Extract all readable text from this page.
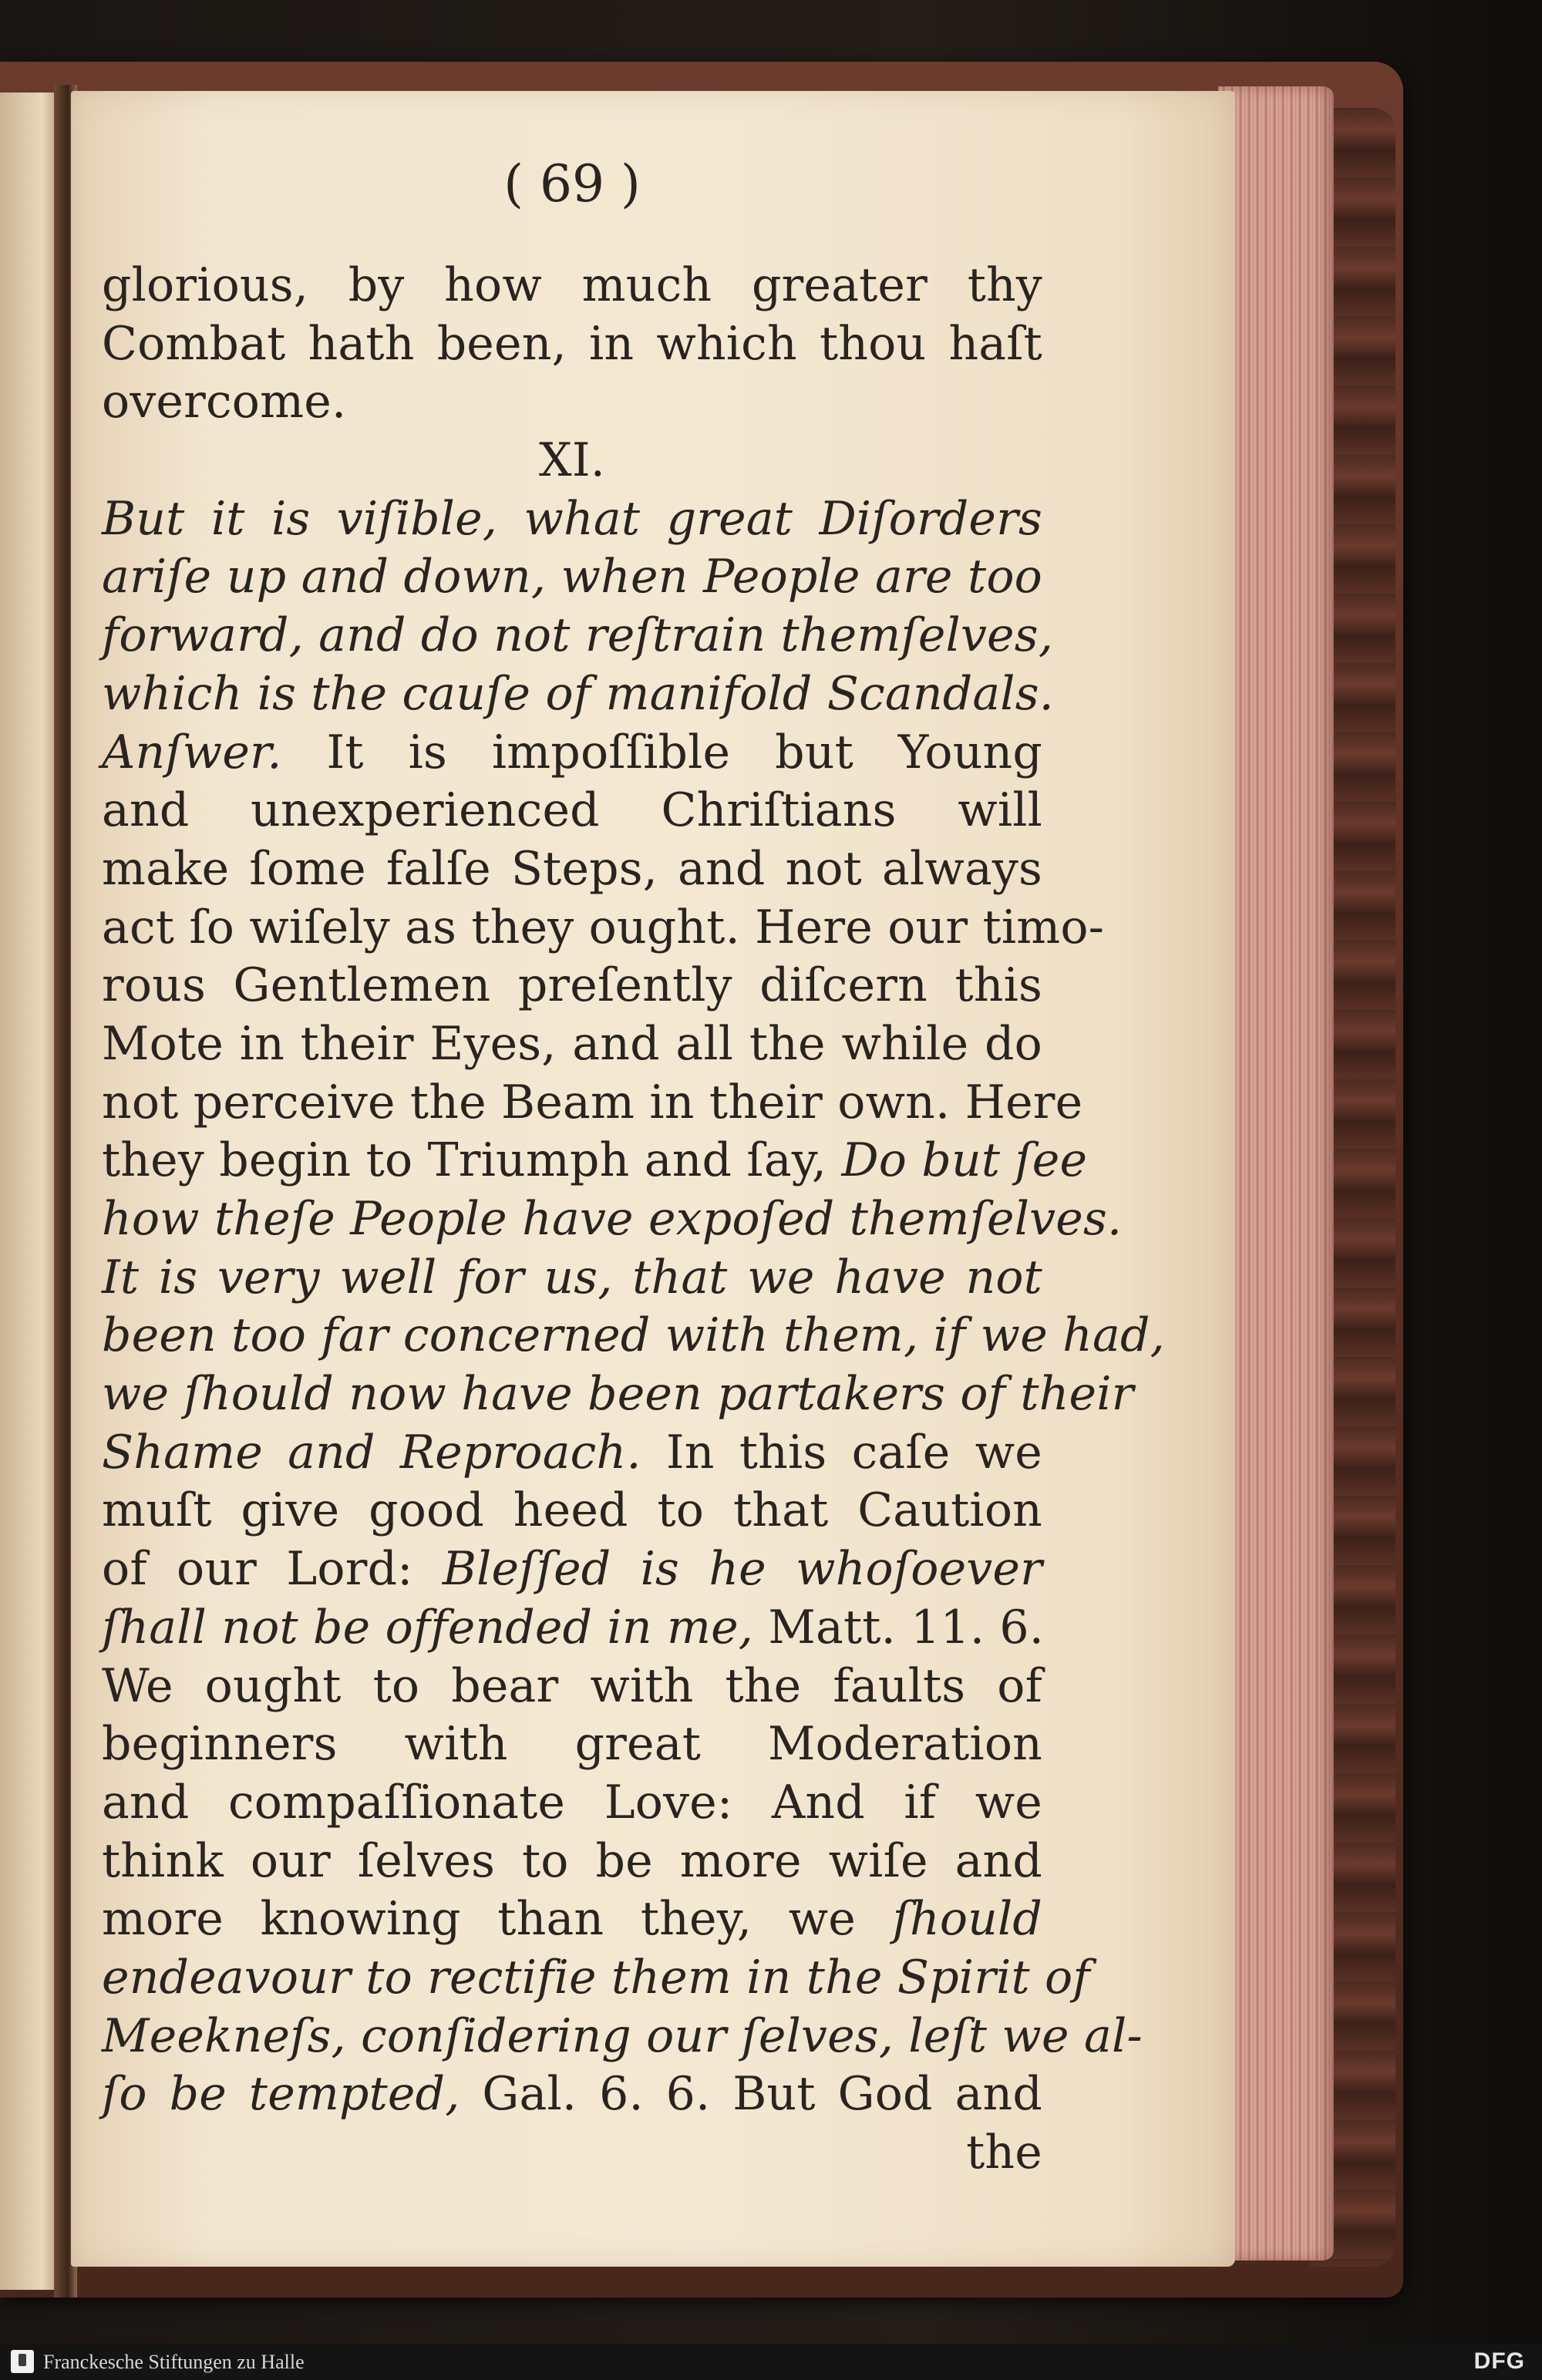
( 69 )
glorious, by how much greater thy
Combat hath been, in which thou haſt
overcome.
XI.
But it is viſible, what great Diſorders
ariſe up and down, when People are too
forward, and do not reſtrain themſelves,
which is the cauſe of manifold Scandals.
Anſwer. It is impoſſible but Young
and unexperienced Chriſtians will
make ſome falſe Steps, and not always
act ſo wiſely as they ought. Here our timo-
rous Gentlemen preſently diſcern this
Mote in their Eyes, and all the while do
not perceive the Beam in their own. Here
they begin to Triumph and ſay, Do but ſee
how theſe People have expoſed themſelves.
It is very well for us, that we have not
been too far concerned with them, if we had,
we ſhould now have been partakers of their
Shame and Reproach. In this caſe we
muſt give good heed to that Caution
of our Lord: Bleſſed is he whoſoever
ſhall not be offended in me, Matt. 11. 6.
We ought to bear with the faults of
beginners with great Moderation
and compaſſionate Love: And if we
think our ſelves to be more wiſe and
more knowing than they, we ſhould
endeavour to rectifie them in the Spirit of
Meekneſs, conſidering our ſelves, leſt we al-
ſo be tempted, Gal. 6. 6. But God and
the
Franckesche Stiftungen zu Halle	DFG
